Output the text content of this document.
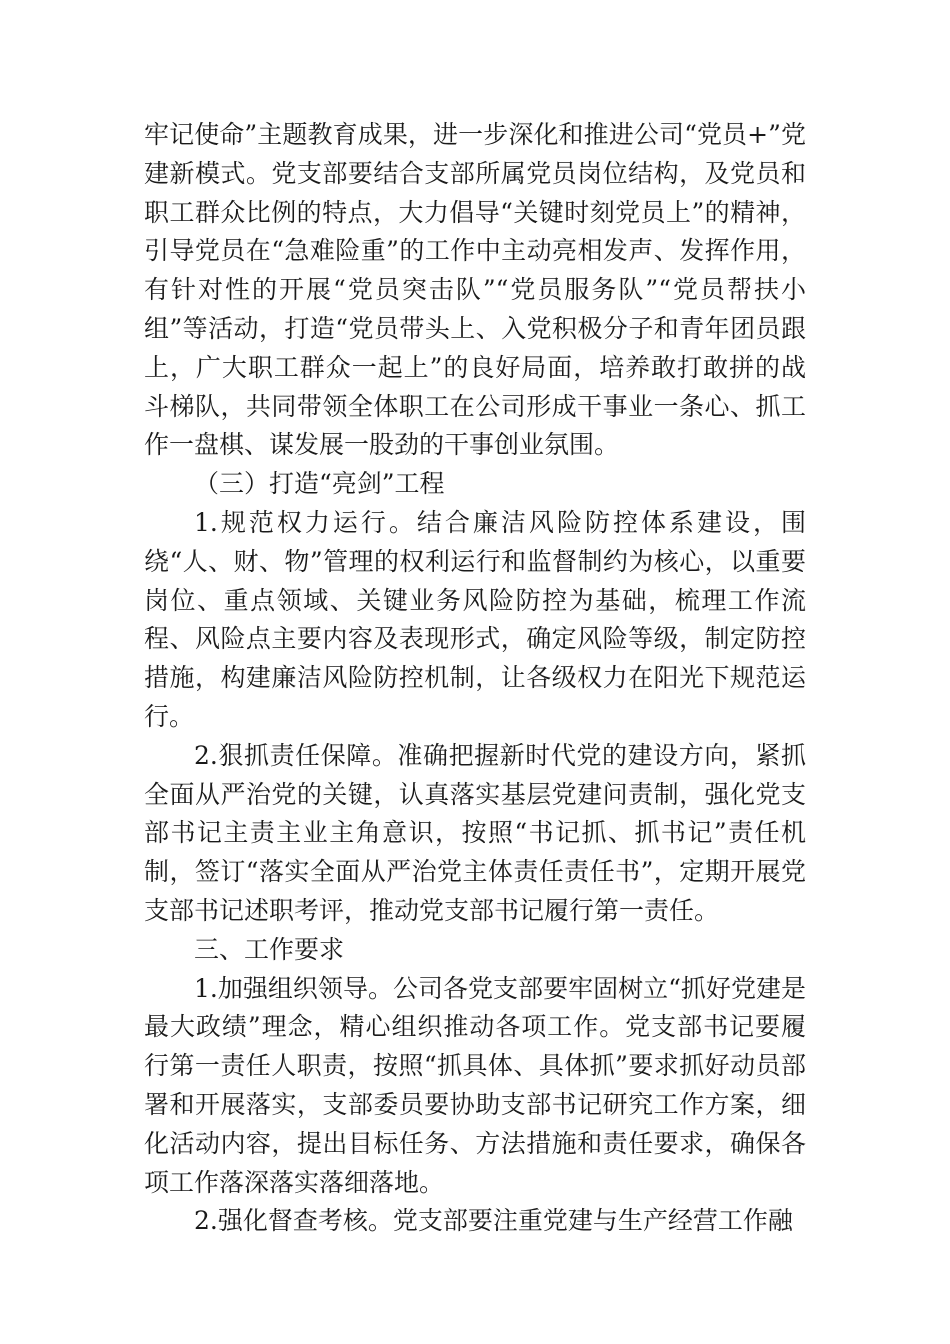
牢记使命”主题教育成果，进一步深化和推进公司“党员+”党建新模式。党支部要结合支部所属党员岗位结构，及党员和职工群众比例的特点，大力倡导“关键时刻党员上”的精神，引导党员在“急难险重”的工作中主动亮相发声、发挥作用，有针对性的开展“党员突击队”“党员服务队”“党员帮扶小组”等活动，打造“党员带头上、入党积极分子和青年团员跟上，广大职工群众一起上”的良好局面，培养敢打敢拼的战斗梯队，共同带领全体职工在公司形成干事业一条心、抓工作一盘棋、谋发展一股劲的干事创业氛围。

（三）打造“亮剑”工程

1.规范权力运行。结合廉洁风险防控体系建设，围绕“人、财、物”管理的权利运行和监督制约为核心，以重要岗位、重点领域、关键业务风险防控为基础，梳理工作流程、风险点主要内容及表现形式，确定风险等级，制定防控措施，构建廉洁风险防控机制，让各级权力在阳光下规范运行。

2.狠抓责任保障。准确把握新时代党的建设方向，紧抓全面从严治党的关键，认真落实基层党建问责制，强化党支部书记主责主业主角意识，按照“书记抓、抓书记”责任机制，签订“落实全面从严治党主体责任责任书”，定期开展党支部书记述职考评，推动党支部书记履行第一责任。

三、工作要求

1.加强组织领导。公司各党支部要牢固树立“抓好党建是最大政绩”理念，精心组织推动各项工作。党支部书记要履行第一责任人职责，按照“抓具体、具体抓”要求抓好动员部署和开展落实，支部委员要协助支部书记研究工作方案，细化活动内容，提出目标任务、方法措施和责任要求，确保各项工作落深落实落细落地。

2.强化督查考核。党支部要注重党建与生产经营工作融
